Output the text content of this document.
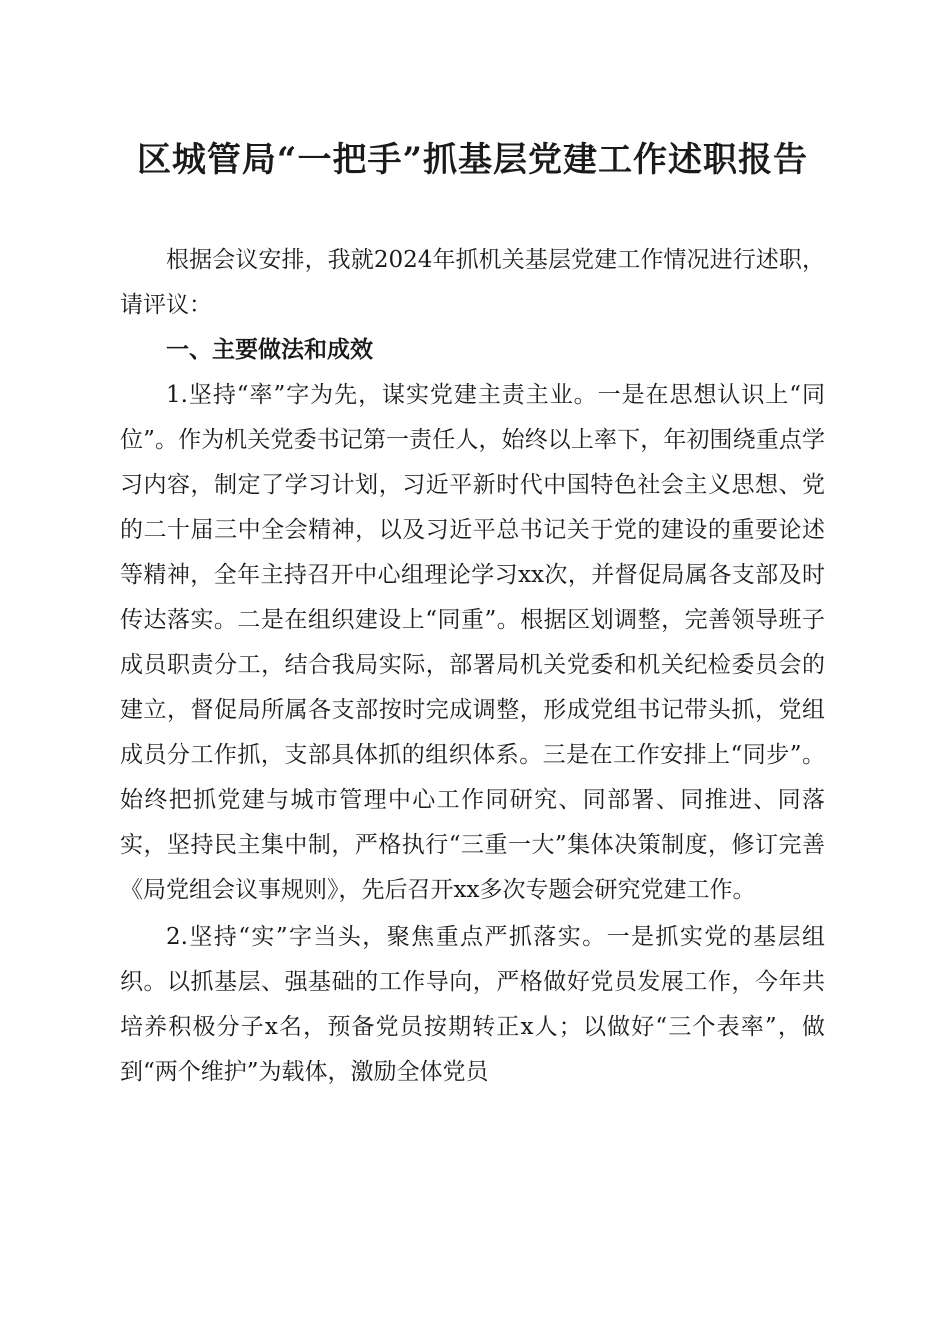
区城管局“一把手”抓基层党建工作述职报告

根据会议安排，我就2024年抓机关基层党建工作情况进行述职，请评议：

一、主要做法和成效

1.坚持“率”字为先，谋实党建主责主业。一是在思想认识上“同位”。作为机关党委书记第一责任人，始终以上率下，年初围绕重点学习内容，制定了学习计划，习近平新时代中国特色社会主义思想、党的二十届三中全会精神，以及习近平总书记关于党的建设的重要论述等精神，全年主持召开中心组理论学习xx次，并督促局属各支部及时传达落实。二是在组织建设上“同重”。根据区划调整，完善领导班子成员职责分工，结合我局实际，部署局机关党委和机关纪检委员会的建立，督促局所属各支部按时完成调整，形成党组书记带头抓，党组成员分工作抓，支部具体抓的组织体系。三是在工作安排上“同步”。始终把抓党建与城市管理中心工作同研究、同部署、同推进、同落实，坚持民主集中制，严格执行“三重一大”集体决策制度，修订完善《局党组会议事规则》，先后召开xx多次专题会研究党建工作。

2.坚持“实”字当头，聚焦重点严抓落实。一是抓实党的基层组织。以抓基层、强基础的工作导向，严格做好党员发展工作，今年共培养积极分子x名，预备党员按期转正x人；以做好“三个表率”，做到“两个维护”为载体，激励全体党员
